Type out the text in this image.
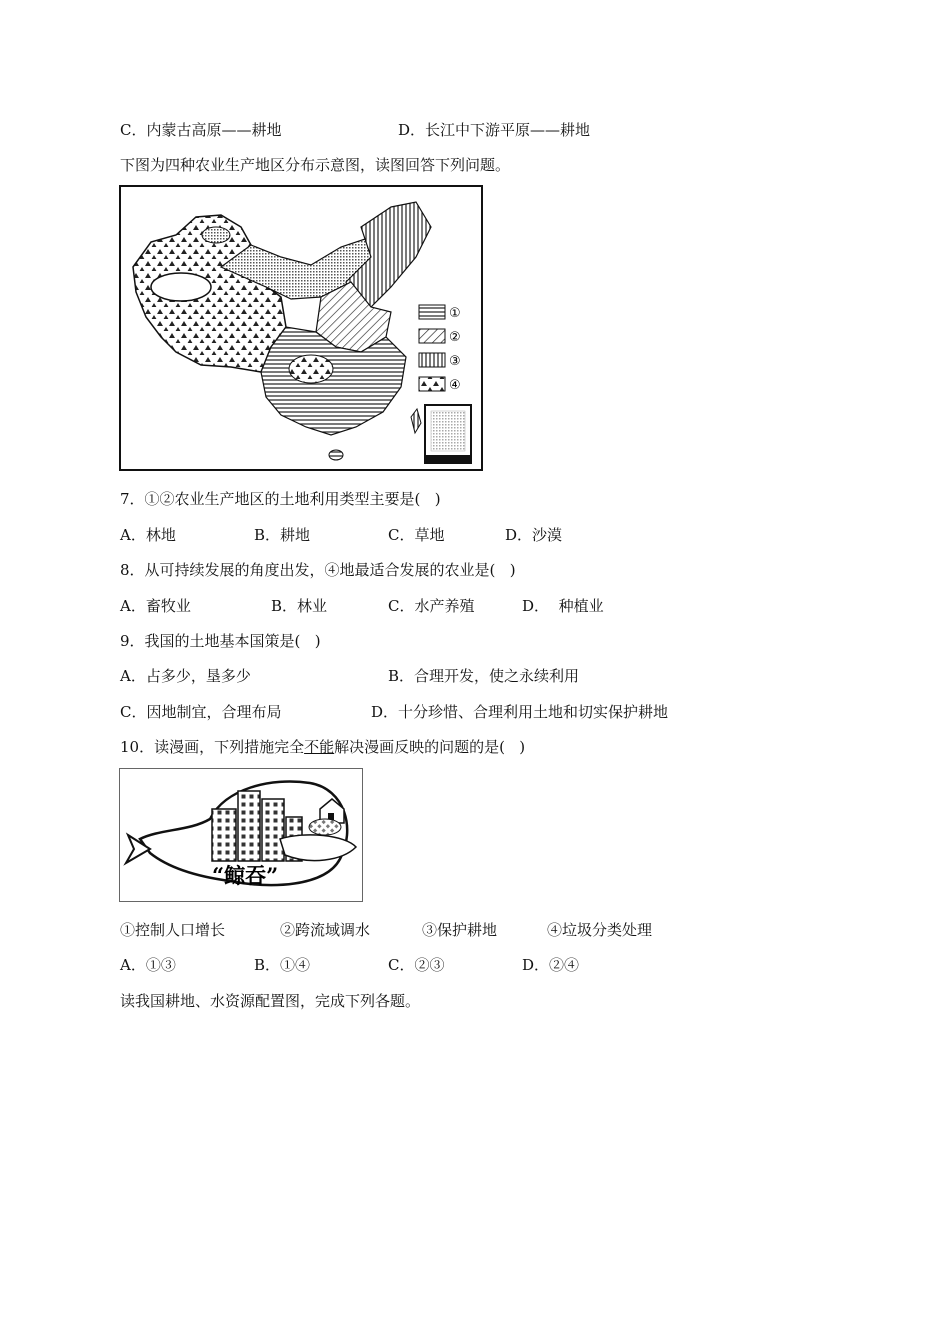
C．内蒙古高原——耕地	D．长江中下游平原——耕地
下图为四种农业生产地区分布示意图，读图回答下列问题。
①
②
③
④
7．①②农业生产地区的土地利用类型主要是(   )
A．林地	B．耕地	C．草地	D．沙漠
8．从可持续发展的角度出发，④地最适合发展的农业是(   )
A．畜牧业	B．林业	C．水产养殖	D．  种植业
9．我国的土地基本国策是(   )
A．占多少，垦多少	B．合理开发，使之永续利用
C．因地制宜，合理布局	D．十分珍惜、合理利用土地和切实保护耕地
10．读漫画，下列措施完全不能解决漫画反映的问题的是(   )
“鲸吞”
①控制人口增长	②跨流域调水	③保护耕地	④垃圾分类处理
A．①③	B．①④	C．②③	D．②④
读我国耕地、水资源配置图，完成下列各题。
